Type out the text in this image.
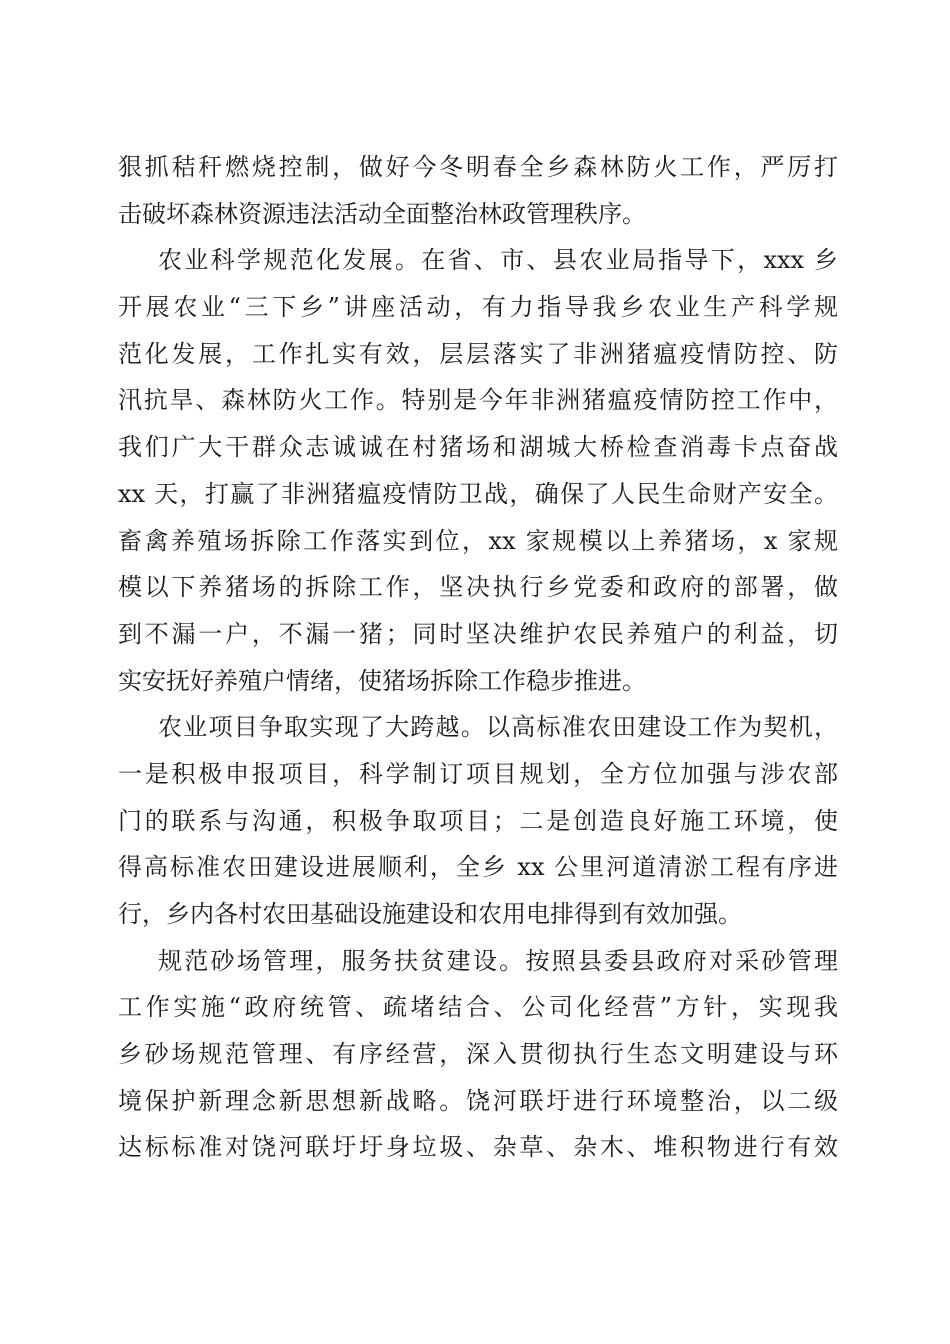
狠抓秸秆燃烧控制，做好今冬明春全乡森林防火工作，严厉打
击破坏森林资源违法活动全面整治林政管理秩序。
农业科学规范化发展。在省、市、县农业局指导下，xxx 乡
开展农业“三下乡”讲座活动，有力指导我乡农业生产科学规
范化发展，工作扎实有效，层层落实了非洲猪瘟疫情防控、防
汛抗旱、森林防火工作。特别是今年非洲猪瘟疫情防控工作中，
我们广大干群众志诚诚在村猪场和湖城大桥检查消毒卡点奋战
xx 天，打赢了非洲猪瘟疫情防卫战，确保了人民生命财产安全。
畜禽养殖场拆除工作落实到位，xx 家规模以上养猪场，x 家规
模以下养猪场的拆除工作，坚决执行乡党委和政府的部署，做
到不漏一户，不漏一猪；同时坚决维护农民养殖户的利益，切
实安抚好养殖户情绪，使猪场拆除工作稳步推进。
农业项目争取实现了大跨越。以高标准农田建设工作为契机，
一是积极申报项目，科学制订项目规划，全方位加强与涉农部
门的联系与沟通，积极争取项目；二是创造良好施工环境，使
得高标准农田建设进展顺利，全乡 xx 公里河道清淤工程有序进
行，乡内各村农田基础设施建设和农用电排得到有效加强。
规范砂场管理，服务扶贫建设。按照县委县政府对采砂管理
工作实施“政府统管、疏堵结合、公司化经营”方针，实现我
乡砂场规范管理、有序经营，深入贯彻执行生态文明建设与环
境保护新理念新思想新战略。饶河联圩进行环境整治，以二级
达标标准对饶河联圩圩身垃圾、杂草、杂木、堆积物进行有效
